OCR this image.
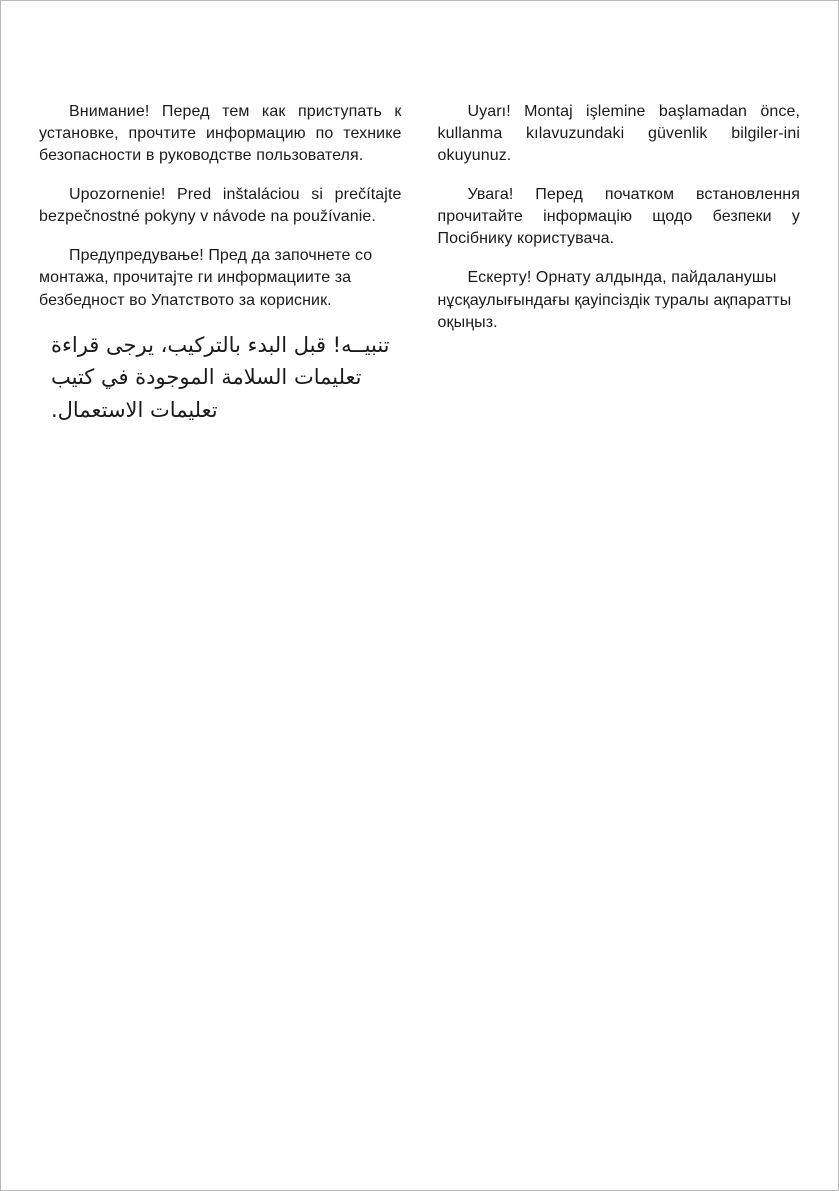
Внимание! Перед тем как приступать к установке, прочтите информацию по технике безопасности в руководстве пользователя.

Upozornenie! Pred inštaláciou si prečítajte bezpečnostné pokyny v návode na používanie.

Предупредување! Пред да започнете со монтажа, прочитајте ги информациите за безбедност во Упатството за корисник.

تنبيــه! قبل البدء بالتركيب، يرجى قراءة تعليمات السلامة الموجودة في كتيب تعليمات الاستعمال.

Uyarı! Montaj işlemine başlamadan önce, kullanma kılavuzundaki güvenlik bilgiler-ini okuyunuz.

Увага! Перед початком встановлення прочитайте інформацію щодо безпеки у Посібнику користувача.

Ескерту! Орнату алдында, пайдаланушы нұсқаулығындағы қауіпсіздік туралы ақпаратты оқыңыз.
